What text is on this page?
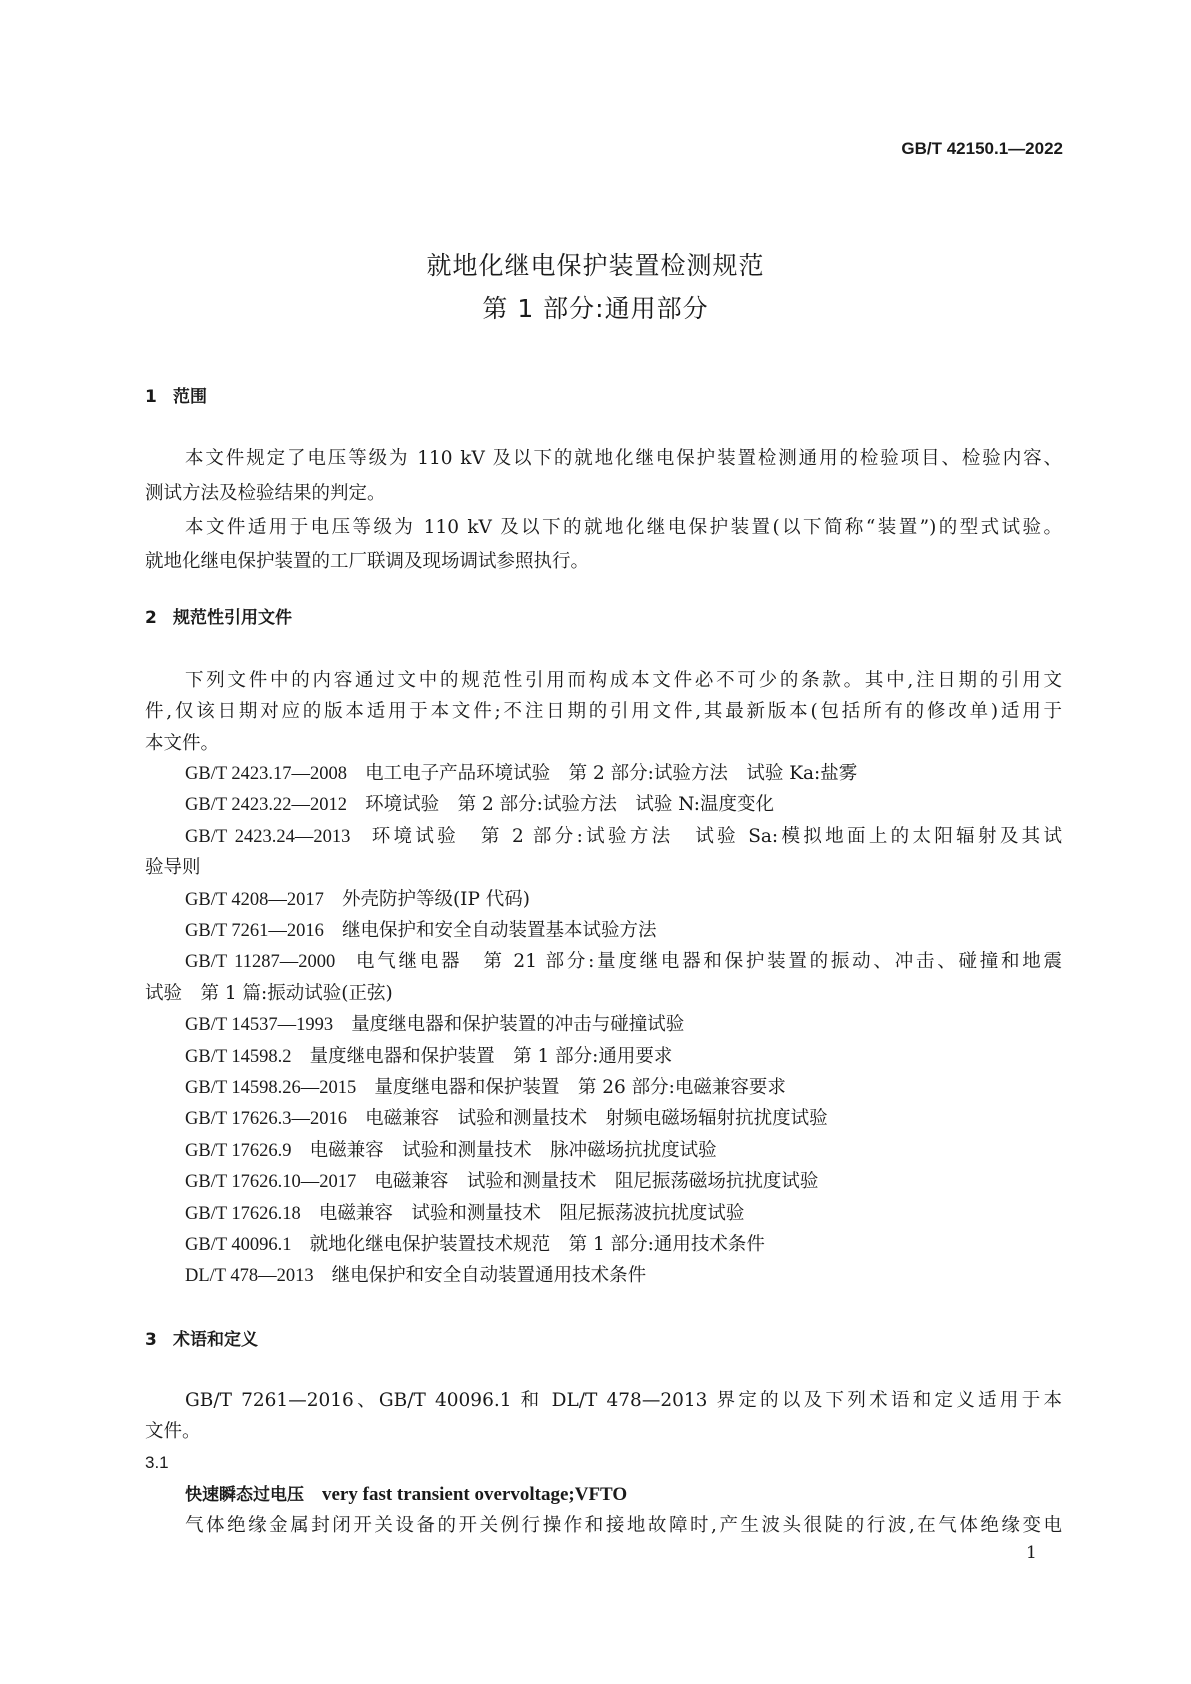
GB/T 42150.1—2022
就地化继电保护装置检测规范
第 1 部分:通用部分
1 范围
本文件规定了电压等级为 110 kV 及以下的就地化继电保护装置检测通用的检验项目、检验内容、
测试方法及检验结果的判定。
本文件适用于电压等级为 110 kV 及以下的就地化继电保护装置(以下简称“装置”)的型式试验。
就地化继电保护装置的工厂联调及现场调试参照执行。
2 规范性引用文件
下列文件中的内容通过文中的规范性引用而构成本文件必不可少的条款。其中,注日期的引用文
件,仅该日期对应的版本适用于本文件;不注日期的引用文件,其最新版本(包括所有的修改单)适用于
本文件。
GB/T 2423.17—2008 电工电子产品环境试验　第 2 部分:试验方法　试验 Ka:盐雾
GB/T 2423.22—2012 环境试验　第 2 部分:试验方法　试验 N:温度变化
GB/T 2423.24—2013 环境试验　第 2 部分:试验方法　试验 Sa:模拟地面上的太阳辐射及其试
验导则
GB/T 4208—2017 外壳防护等级(IP 代码)
GB/T 7261—2016 继电保护和安全自动装置基本试验方法
GB/T 11287—2000 电气继电器　第 21 部分:量度继电器和保护装置的振动、冲击、碰撞和地震
试验　第 1 篇:振动试验(正弦)
GB/T 14537—1993 量度继电器和保护装置的冲击与碰撞试验
GB/T 14598.2 量度继电器和保护装置　第 1 部分:通用要求
GB/T 14598.26—2015 量度继电器和保护装置　第 26 部分:电磁兼容要求
GB/T 17626.3—2016 电磁兼容　试验和测量技术　射频电磁场辐射抗扰度试验
GB/T 17626.9 电磁兼容　试验和测量技术　脉冲磁场抗扰度试验
GB/T 17626.10—2017 电磁兼容　试验和测量技术　阻尼振荡磁场抗扰度试验
GB/T 17626.18 电磁兼容　试验和测量技术　阻尼振荡波抗扰度试验
GB/T 40096.1 就地化继电保护装置技术规范　第 1 部分:通用技术条件
DL/T 478—2013 继电保护和安全自动装置通用技术条件
3 术语和定义
GB/T 7261—2016、GB/T 40096.1 和 DL/T 478—2013 界定的以及下列术语和定义适用于本
文件。
3.1
快速瞬态过电压 very fast transient overvoltage;VFTO
气体绝缘金属封闭开关设备的开关例行操作和接地故障时,产生波头很陡的行波,在气体绝缘变电
1
